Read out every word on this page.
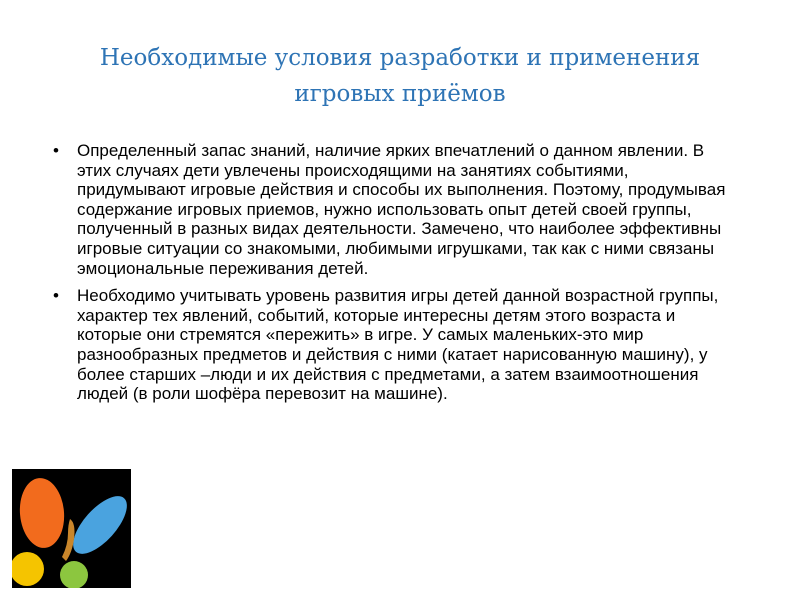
Необходимые условия разработки и применения
игровых приёмов
• Определенный запас знаний, наличие ярких впечатлений о данном явлении. В этих случаях дети увлечены происходящими на занятиях событиями, придумывают игровые действия и способы их выполнения. Поэтому, продумывая содержание игровых приемов, нужно использовать опыт детей своей группы, полученный в разных видах деятельности. Замечено, что наиболее эффективны игровые ситуации со знакомыми, любимыми игрушками, так как с ними связаны эмоциональные переживания детей.
• Необходимо учитывать уровень развития игры детей данной возрастной группы, характер тех явлений, событий, которые интересны детям этого возраста и которые они стремятся «пережить» в игре. У самых маленьких-это мир разнообразных предметов и действия с ними (катает нарисованную машину), у более старших –люди и их действия с предметами, а затем взаимоотношения людей (в роли шофёра перевозит на машине).
